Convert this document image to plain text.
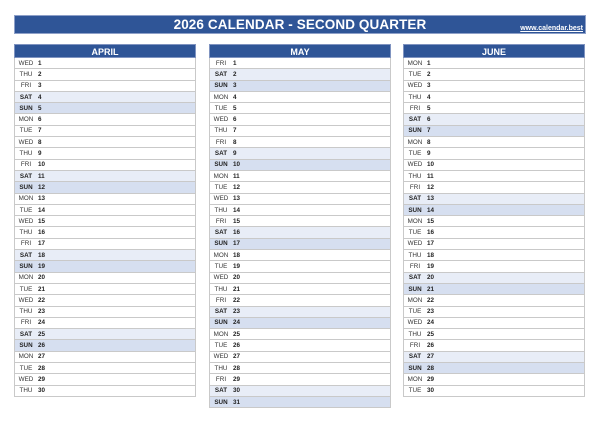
2026 CALENDAR - SECOND QUARTER	www.calendar.best
APRIL
WED 1
THU 2
FRI	3
SAT 4
SUN 5
MON 6
TUE 7
WED 8
THU 9
FRI	10
SAT 11
SUN 12
MON 13
TUE 14
WED 15
THU 16
FRI	17
SAT 18
SUN 19
MON 20
TUE 21
WED 22
THU 23
FRI	24
SAT 25
SUN 26
MON 27
TUE 28
WED 29
THU 30
MAY
FRI	1
SAT 2
SUN 3
MON 4
TUE 5
WED 6
THU 7
FRI	8
SAT 9
SUN 10
MON 11
TUE 12
WED 13
THU 14
FRI	15
SAT 16
SUN 17
MON 18
TUE 19
WED 20
THU 21
FRI	22
SAT 23
SUN 24
MON 25
TUE 26
WED 27
THU 28
FRI	29
SAT 30
SUN 31
JUNE
MON 1
TUE 2
WED 3
THU 4
FRI	5
SAT 6
SUN 7
MON 8
TUE 9
WED 10
THU 11
FRI	12
SAT 13
SUN 14
MON 15
TUE 16
WED 17
THU 18
FRI	19
SAT 20
SUN 21
MON 22
TUE 23
WED 24
THU 25
FRI	26
SAT 27
SUN 28
MON 29
TUE 30
